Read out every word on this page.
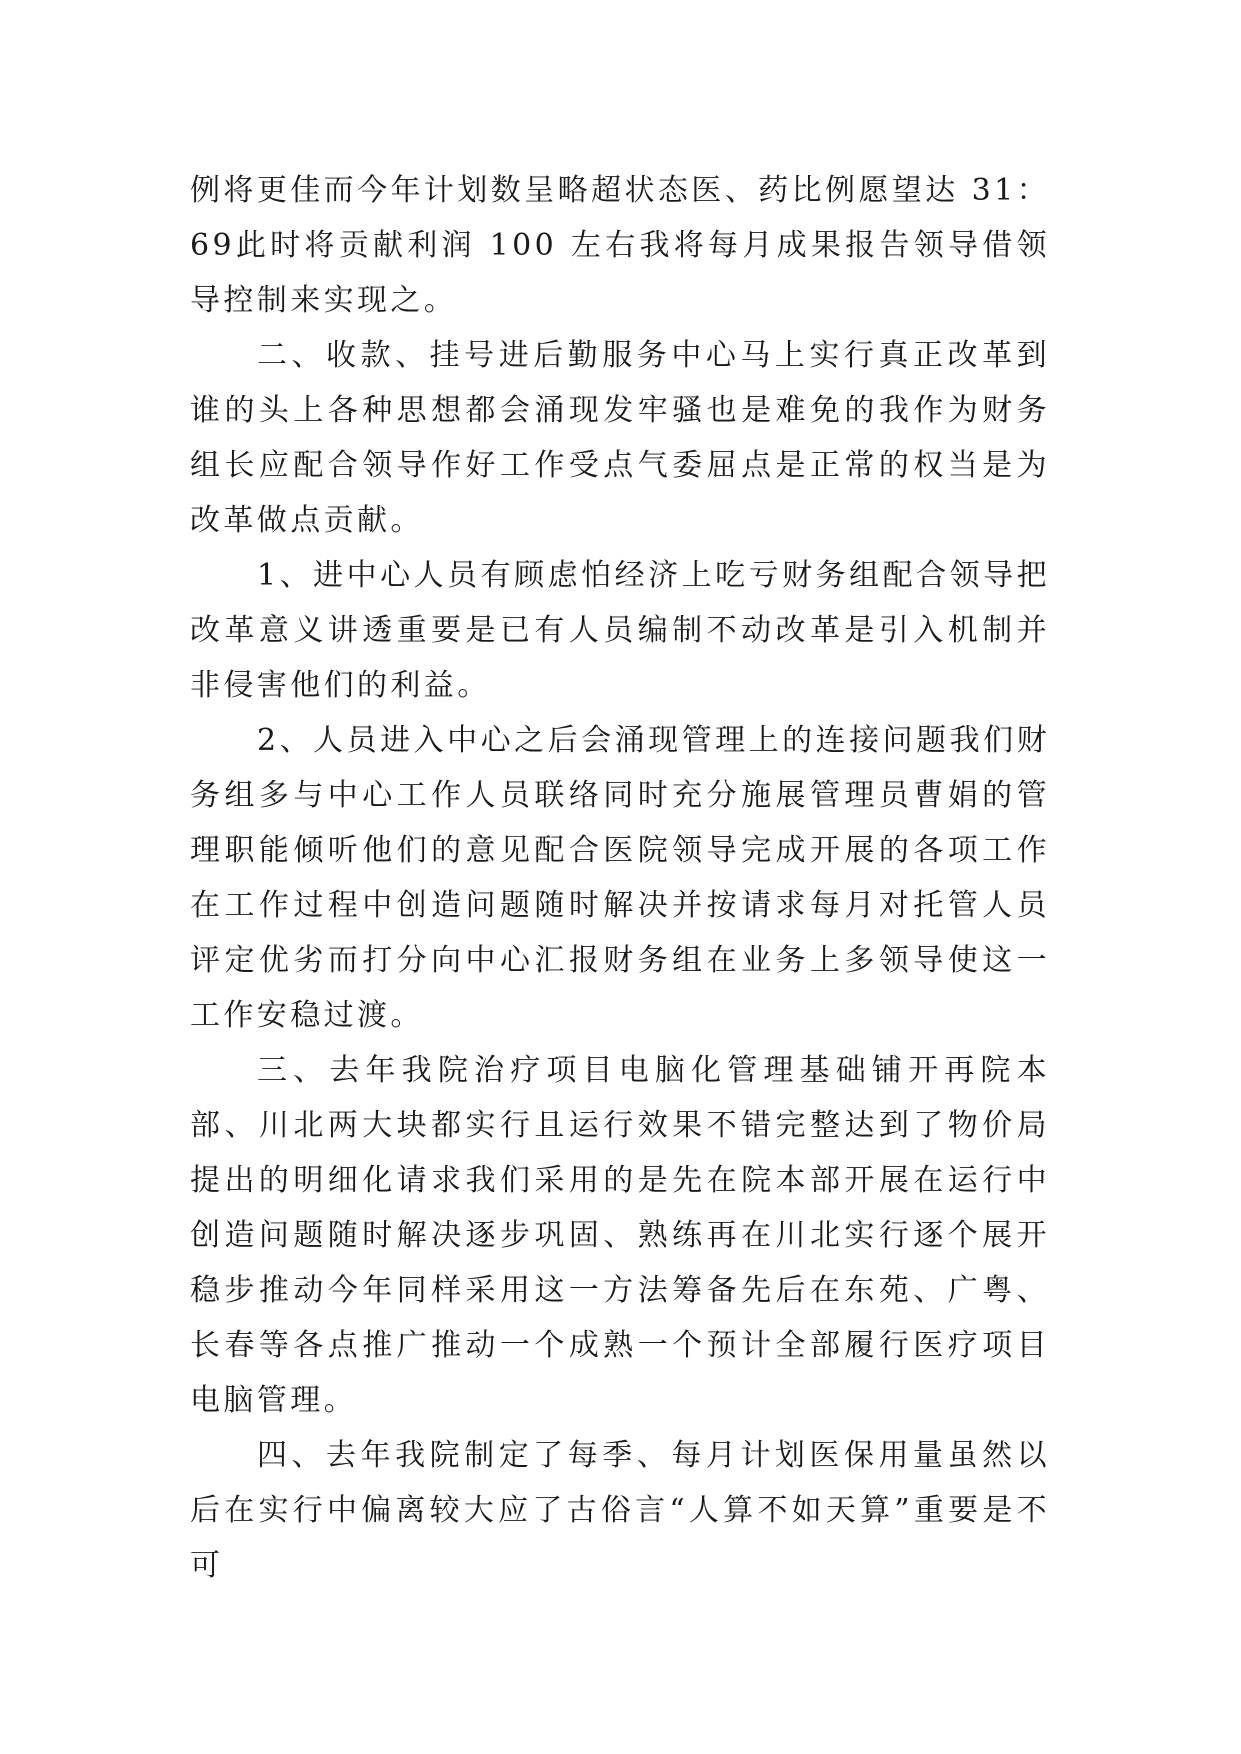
例将更佳而今年计划数呈略超状态医、药比例愿望达 31：69此时将贡献利润 100 左右我将每月成果报告领导借领导控制来实现之。

二、收款、挂号进后勤服务中心马上实行真正改革到谁的头上各种思想都会涌现发牢骚也是难免的我作为财务组长应配合领导作好工作受点气委屈点是正常的权当是为改革做点贡献。

1、进中心人员有顾虑怕经济上吃亏财务组配合领导把改革意义讲透重要是已有人员编制不动改革是引入机制并非侵害他们的利益。

2、人员进入中心之后会涌现管理上的连接问题我们财务组多与中心工作人员联络同时充分施展管理员曹娟的管理职能倾听他们的意见配合医院领导完成开展的各项工作在工作过程中创造问题随时解决并按请求每月对托管人员评定优劣而打分向中心汇报财务组在业务上多领导使这一工作安稳过渡。

三、去年我院治疗项目电脑化管理基础铺开再院本部、川北两大块都实行且运行效果不错完整达到了物价局提出的明细化请求我们采用的是先在院本部开展在运行中创造问题随时解决逐步巩固、熟练再在川北实行逐个展开稳步推动今年同样采用这一方法筹备先后在东苑、广粤、长春等各点推广推动一个成熟一个预计全部履行医疗项目电脑管理。

四、去年我院制定了每季、每月计划医保用量虽然以后在实行中偏离较大应了古俗言“人算不如天算”重要是不可
